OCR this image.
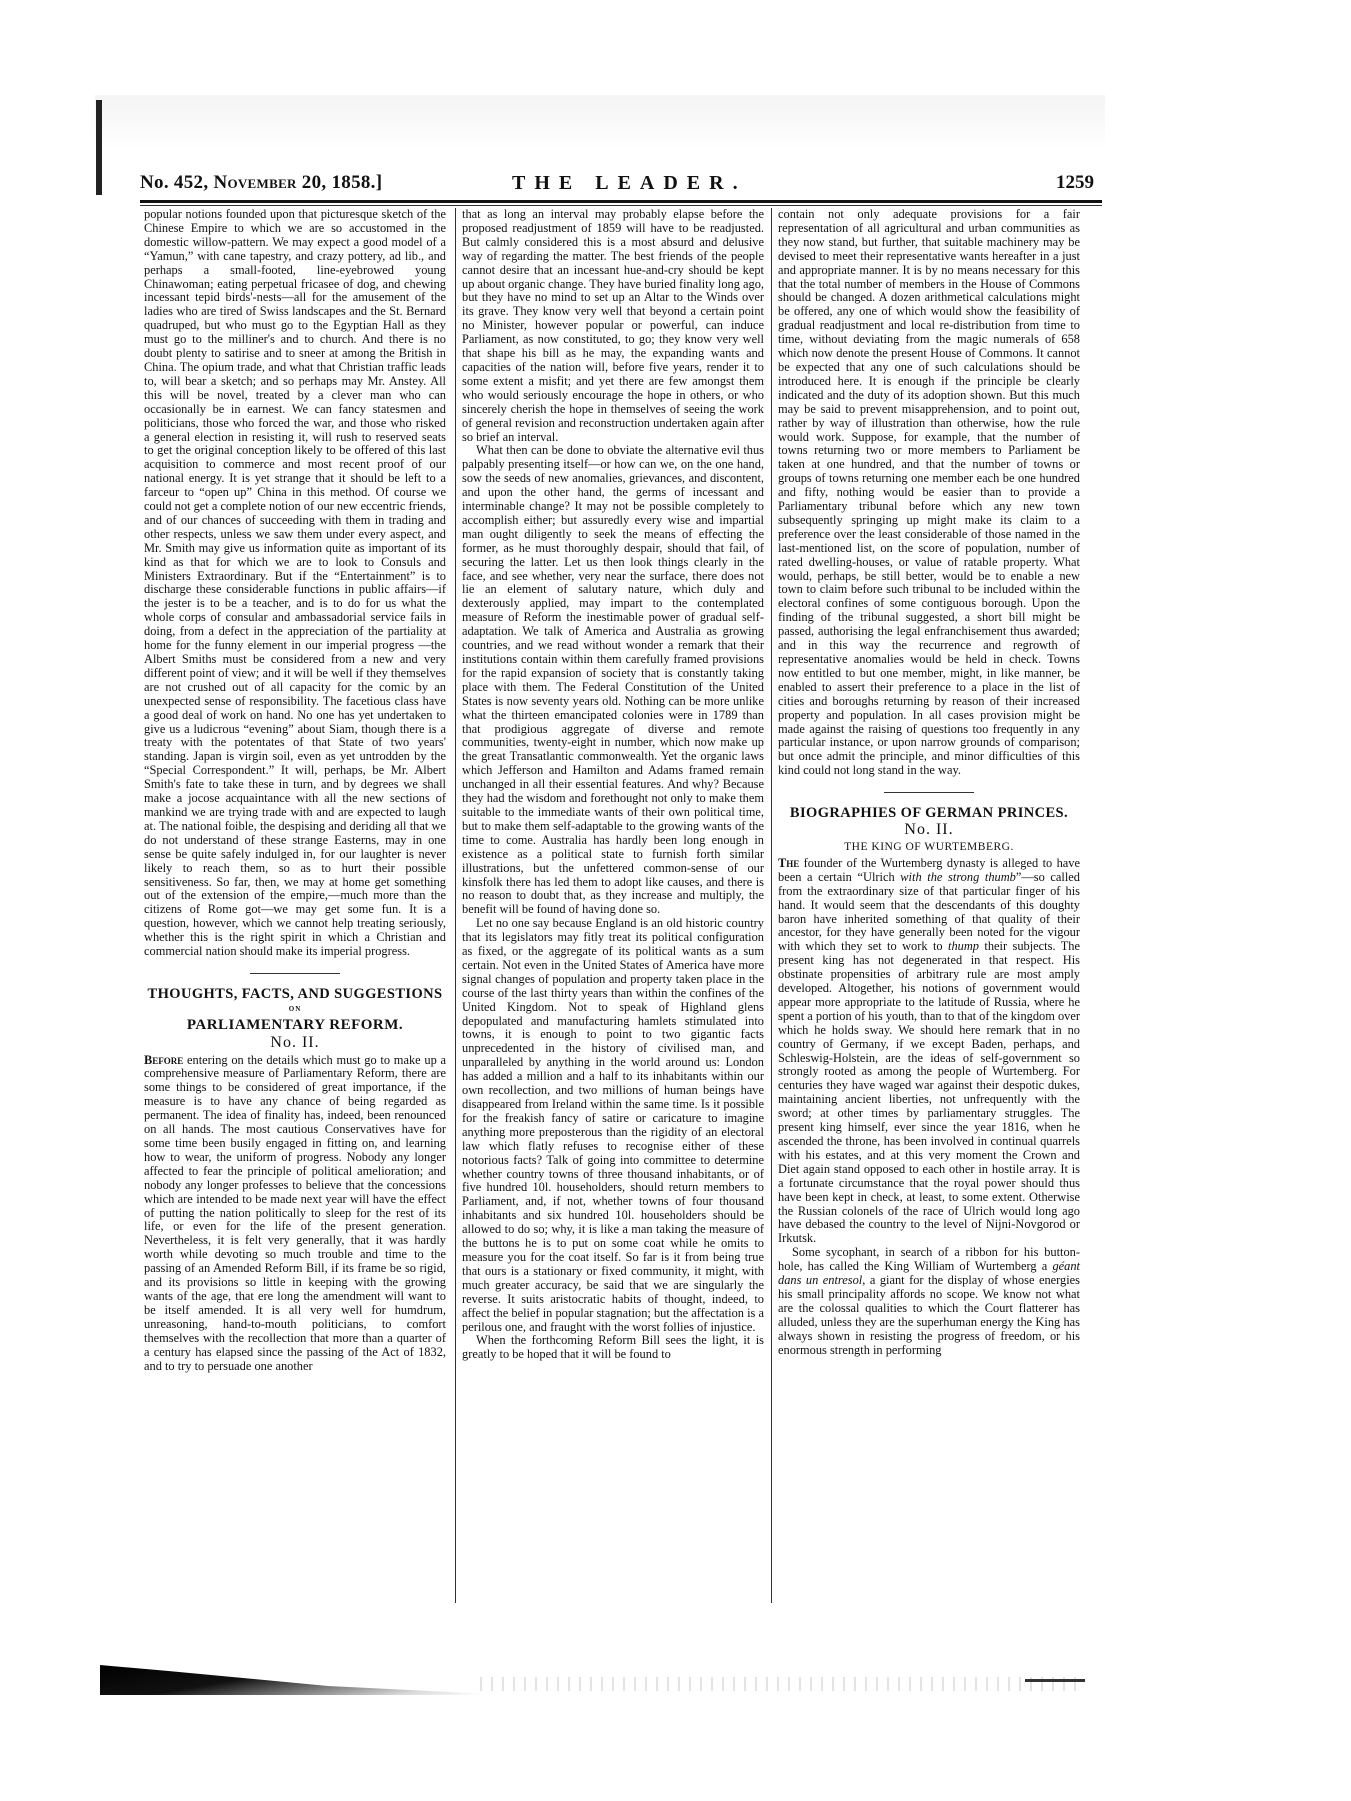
No. 452, November 20, 1858.]	THE LEADER.	1259

popular notions founded upon that picturesque sketch of the Chinese Empire to which we are so accustomed in the domestic willow-pattern. We may expect a good model of a “Yamun,” with cane tapestry, and crazy pottery, ad lib., and perhaps a small-footed, line-eyebrowed young Chinawoman; eating perpetual fricasee of dog, and chewing incessant tepid birds'-nests—all for the amusement of the ladies who are tired of Swiss landscapes and the St. Bernard quadruped, but who must go to the Egyptian Hall as they must go to the milliner's and to church. And there is no doubt plenty to satirise and to sneer at among the British in China. The opium trade, and what that Christian traffic leads to, will bear a sketch; and so perhaps may Mr. Anstey. All this will be novel, treated by a clever man who can occasionally be in earnest. We can fancy statesmen and politicians, those who forced the war, and those who risked a general election in resisting it, will rush to reserved seats to get the original conception likely to be offered of this last acquisition to commerce and most recent proof of our national energy. It is yet strange that it should be left to a farceur to “open up” China in this method. Of course we could not get a complete notion of our new eccentric friends, and of our chances of succeeding with them in trading and other respects, unless we saw them under every aspect, and Mr. Smith may give us information quite as important of its kind as that for which we are to look to Consuls and Ministers Extraordinary. But if the “Entertainment” is to discharge these considerable functions in public affairs—if the jester is to be a teacher, and is to do for us what the whole corps of consular and ambassadorial service fails in doing, from a defect in the appreciation of the partiality at home for the funny element in our imperial progress —the Albert Smiths must be considered from a new and very different point of view; and it will be well if they themselves are not crushed out of all capacity for the comic by an unexpected sense of responsibility. The facetious class have a good deal of work on hand. No one has yet undertaken to give us a ludicrous “evening” about Siam, though there is a treaty with the potentates of that State of two years' standing. Japan is virgin soil, even as yet untrodden by the “Special Correspondent.” It will, perhaps, be Mr. Albert Smith's fate to take these in turn, and by degrees we shall make a jocose acquaintance with all the new sections of mankind we are trying trade with and are expected to laugh at. The national foible, the despising and deriding all that we do not understand of these strange Easterns, may in one sense be quite safely indulged in, for our laughter is never likely to reach them, so as to hurt their possible sensitiveness. So far, then, we may at home get something out of the extension of the empire,—much more than the citizens of Rome got—we may get some fun. It is a question, however, which we cannot help treating seriously, whether this is the right spirit in which a Christian and commercial nation should make its imperial progress.

THOUGHTS, FACTS, AND SUGGESTIONS
ON
PARLIAMENTARY REFORM.
No. II.

Before entering on the details which must go to make up a comprehensive measure of Parliamentary Reform, there are some things to be considered of great importance, if the measure is to have any chance of being regarded as permanent. The idea of finality has, indeed, been renounced on all hands. The most cautious Conservatives have for some time been busily engaged in fitting on, and learning how to wear, the uniform of progress. Nobody any longer affected to fear the principle of political amelioration; and nobody any longer professes to believe that the concessions which are intended to be made next year will have the effect of putting the nation politically to sleep for the rest of its life, or even for the life of the present generation. Nevertheless, it is felt very generally, that it was hardly worth while devoting so much trouble and time to the passing of an Amended Reform Bill, if its frame be so rigid, and its provisions so little in keeping with the growing wants of the age, that ere long the amendment will want to be itself amended. It is all very well for humdrum, unreasoning, hand-to-mouth politicians, to comfort themselves with the recollection that more than a quarter of a century has elapsed since the passing of the Act of 1832, and to try to persuade one another

that as long an interval may probably elapse before the proposed readjustment of 1859 will have to be readjusted. But calmly considered this is a most absurd and delusive way of regarding the matter. The best friends of the people cannot desire that an incessant hue-and-cry should be kept up about organic change. They have buried finality long ago, but they have no mind to set up an Altar to the Winds over its grave. They know very well that beyond a certain point no Minister, however popular or powerful, can induce Parliament, as now constituted, to go; they know very well that shape his bill as he may, the expanding wants and capacities of the nation will, before five years, render it to some extent a misfit; and yet there are few amongst them who would seriously encourage the hope in others, or who sincerely cherish the hope in themselves of seeing the work of general revision and reconstruction undertaken again after so brief an interval.

What then can be done to obviate the alternative evil thus palpably presenting itself—or how can we, on the one hand, sow the seeds of new anomalies, grievances, and discontent, and upon the other hand, the germs of incessant and interminable change? It may not be possible completely to accomplish either; but assuredly every wise and impartial man ought diligently to seek the means of effecting the former, as he must thoroughly despair, should that fail, of securing the latter. Let us then look things clearly in the face, and see whether, very near the surface, there does not lie an element of salutary nature, which duly and dexterously applied, may impart to the contemplated measure of Reform the inestimable power of gradual self-adaptation. We talk of America and Australia as growing countries, and we read without wonder a remark that their institutions contain within them carefully framed provisions for the rapid expansion of society that is constantly taking place with them. The Federal Constitution of the United States is now seventy years old. Nothing can be more unlike what the thirteen emancipated colonies were in 1789 than that prodigious aggregate of diverse and remote communities, twenty-eight in number, which now make up the great Transatlantic commonwealth. Yet the organic laws which Jefferson and Hamilton and Adams framed remain unchanged in all their essential features. And why? Because they had the wisdom and forethought not only to make them suitable to the immediate wants of their own political time, but to make them self-adaptable to the growing wants of the time to come. Australia has hardly been long enough in existence as a political state to furnish forth similar illustrations, but the unfettered common-sense of our kinsfolk there has led them to adopt like causes, and there is no reason to doubt that, as they increase and multiply, the benefit will be found of having done so.

Let no one say because England is an old historic country that its legislators may fitly treat its political configuration as fixed, or the aggregate of its political wants as a sum certain. Not even in the United States of America have more signal changes of population and property taken place in the course of the last thirty years than within the confines of the United Kingdom. Not to speak of Highland glens depopulated and manufacturing hamlets stimulated into towns, it is enough to point to two gigantic facts unprecedented in the history of civilised man, and unparalleled by anything in the world around us: London has added a million and a half to its inhabitants within our own recollection, and two millions of human beings have disappeared from Ireland within the same time. Is it possible for the freakish fancy of satire or caricature to imagine anything more preposterous than the rigidity of an electoral law which flatly refuses to recognise either of these notorious facts? Talk of going into committee to determine whether country towns of three thousand inhabitants, or of five hundred 10l. householders, should return members to Parliament, and, if not, whether towns of four thousand inhabitants and six hundred 10l. householders should be allowed to do so; why, it is like a man taking the measure of the buttons he is to put on some coat while he omits to measure you for the coat itself. So far is it from being true that ours is a stationary or fixed community, it might, with much greater accuracy, be said that we are singularly the reverse. It suits aristocratic habits of thought, indeed, to affect the belief in popular stagnation; but the affectation is a perilous one, and fraught with the worst follies of injustice.

When the forthcoming Reform Bill sees the light, it is greatly to be hoped that it will be found to

contain not only adequate provisions for a fair representation of all agricultural and urban communities as they now stand, but further, that suitable machinery may be devised to meet their representative wants hereafter in a just and appropriate manner. It is by no means necessary for this that the total number of members in the House of Commons should be changed. A dozen arithmetical calculations might be offered, any one of which would show the feasibility of gradual readjustment and local re-distribution from time to time, without deviating from the magic numerals of 658 which now denote the present House of Commons. It cannot be expected that any one of such calculations should be introduced here. It is enough if the principle be clearly indicated and the duty of its adoption shown. But this much may be said to prevent misapprehension, and to point out, rather by way of illustration than otherwise, how the rule would work. Suppose, for example, that the number of towns returning two or more members to Parliament be taken at one hundred, and that the number of towns or groups of towns returning one member each be one hundred and fifty, nothing would be easier than to provide a Parliamentary tribunal before which any new town subsequently springing up might make its claim to a preference over the least considerable of those named in the last-mentioned list, on the score of population, number of rated dwelling-houses, or value of ratable property. What would, perhaps, be still better, would be to enable a new town to claim before such tribunal to be included within the electoral confines of some contiguous borough. Upon the finding of the tribunal suggested, a short bill might be passed, authorising the legal enfranchisement thus awarded; and in this way the recurrence and regrowth of representative anomalies would be held in check. Towns now entitled to but one member, might, in like manner, be enabled to assert their preference to a place in the list of cities and boroughs returning by reason of their increased property and population. In all cases provision might be made against the raising of questions too frequently in any particular instance, or upon narrow grounds of comparison; but once admit the principle, and minor difficulties of this kind could not long stand in the way.

BIOGRAPHIES OF GERMAN PRINCES.
No. II.
THE KING OF WURTEMBERG.

The founder of the Wurtemberg dynasty is alleged to have been a certain “Ulrich with the strong thumb”—so called from the extraordinary size of that particular finger of his hand. It would seem that the descendants of this doughty baron have inherited something of that quality of their ancestor, for they have generally been noted for the vigour with which they set to work to thump their subjects. The present king has not degenerated in that respect. His obstinate propensities of arbitrary rule are most amply developed. Altogether, his notions of government would appear more appropriate to the latitude of Russia, where he spent a portion of his youth, than to that of the kingdom over which he holds sway. We should here remark that in no country of Germany, if we except Baden, perhaps, and Schleswig-Holstein, are the ideas of self-government so strongly rooted as among the people of Wurtemberg. For centuries they have waged war against their despotic dukes, maintaining ancient liberties, not unfrequently with the sword; at other times by parliamentary struggles. The present king himself, ever since the year 1816, when he ascended the throne, has been involved in continual quarrels with his estates, and at this very moment the Crown and Diet again stand opposed to each other in hostile array. It is a fortunate circumstance that the royal power should thus have been kept in check, at least, to some extent. Otherwise the Russian colonels of the race of Ulrich would long ago have debased the country to the level of Nijni-Novgorod or Irkutsk.

Some sycophant, in search of a ribbon for his button-hole, has called the King William of Wurtemberg a géant dans un entresol, a giant for the display of whose energies his small principality affords no scope. We know not what are the colossal qualities to which the Court flatterer has alluded, unless they are the superhuman energy the King has always shown in resisting the progress of freedom, or his enormous strength in performing
